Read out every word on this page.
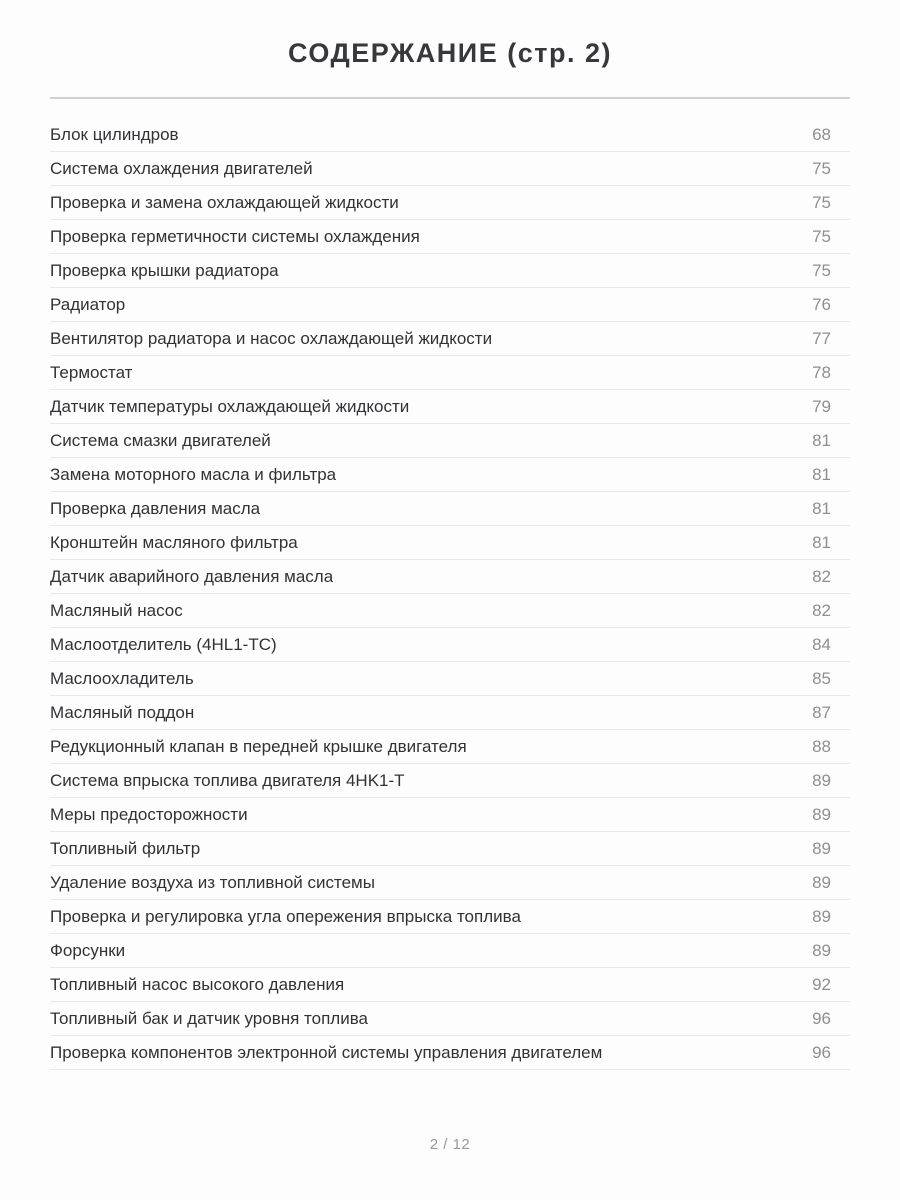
СОДЕРЖАНИЕ (стр. 2)
Блок цилиндров	68
Система охлаждения двигателей	75
Проверка и замена охлаждающей жидкости	75
Проверка герметичности системы охлаждения	75
Проверка крышки радиатора	75
Радиатор	76
Вентилятор радиатора и насос охлаждающей жидкости	77
Термостат	78
Датчик температуры охлаждающей жидкости	79
Система смазки двигателей	81
Замена моторного масла и фильтра	81
Проверка давления масла	81
Кронштейн масляного фильтра	81
Датчик аварийного давления масла	82
Масляный насос	82
Маслоотделитель (4HL1-TC)	84
Маслоохладитель	85
Масляный поддон	87
Редукционный клапан в передней крышке двигателя	88
Система впрыска топлива двигателя 4HK1-T	89
Меры предосторожности	89
Топливный фильтр	89
Удаление воздуха из топливной системы	89
Проверка и регулировка угла опережения впрыска топлива	89
Форсунки	89
Топливный насос высокого давления	92
Топливный бак и датчик уровня топлива	96
Проверка компонентов электронной системы управления двигателем	96
2 / 12
